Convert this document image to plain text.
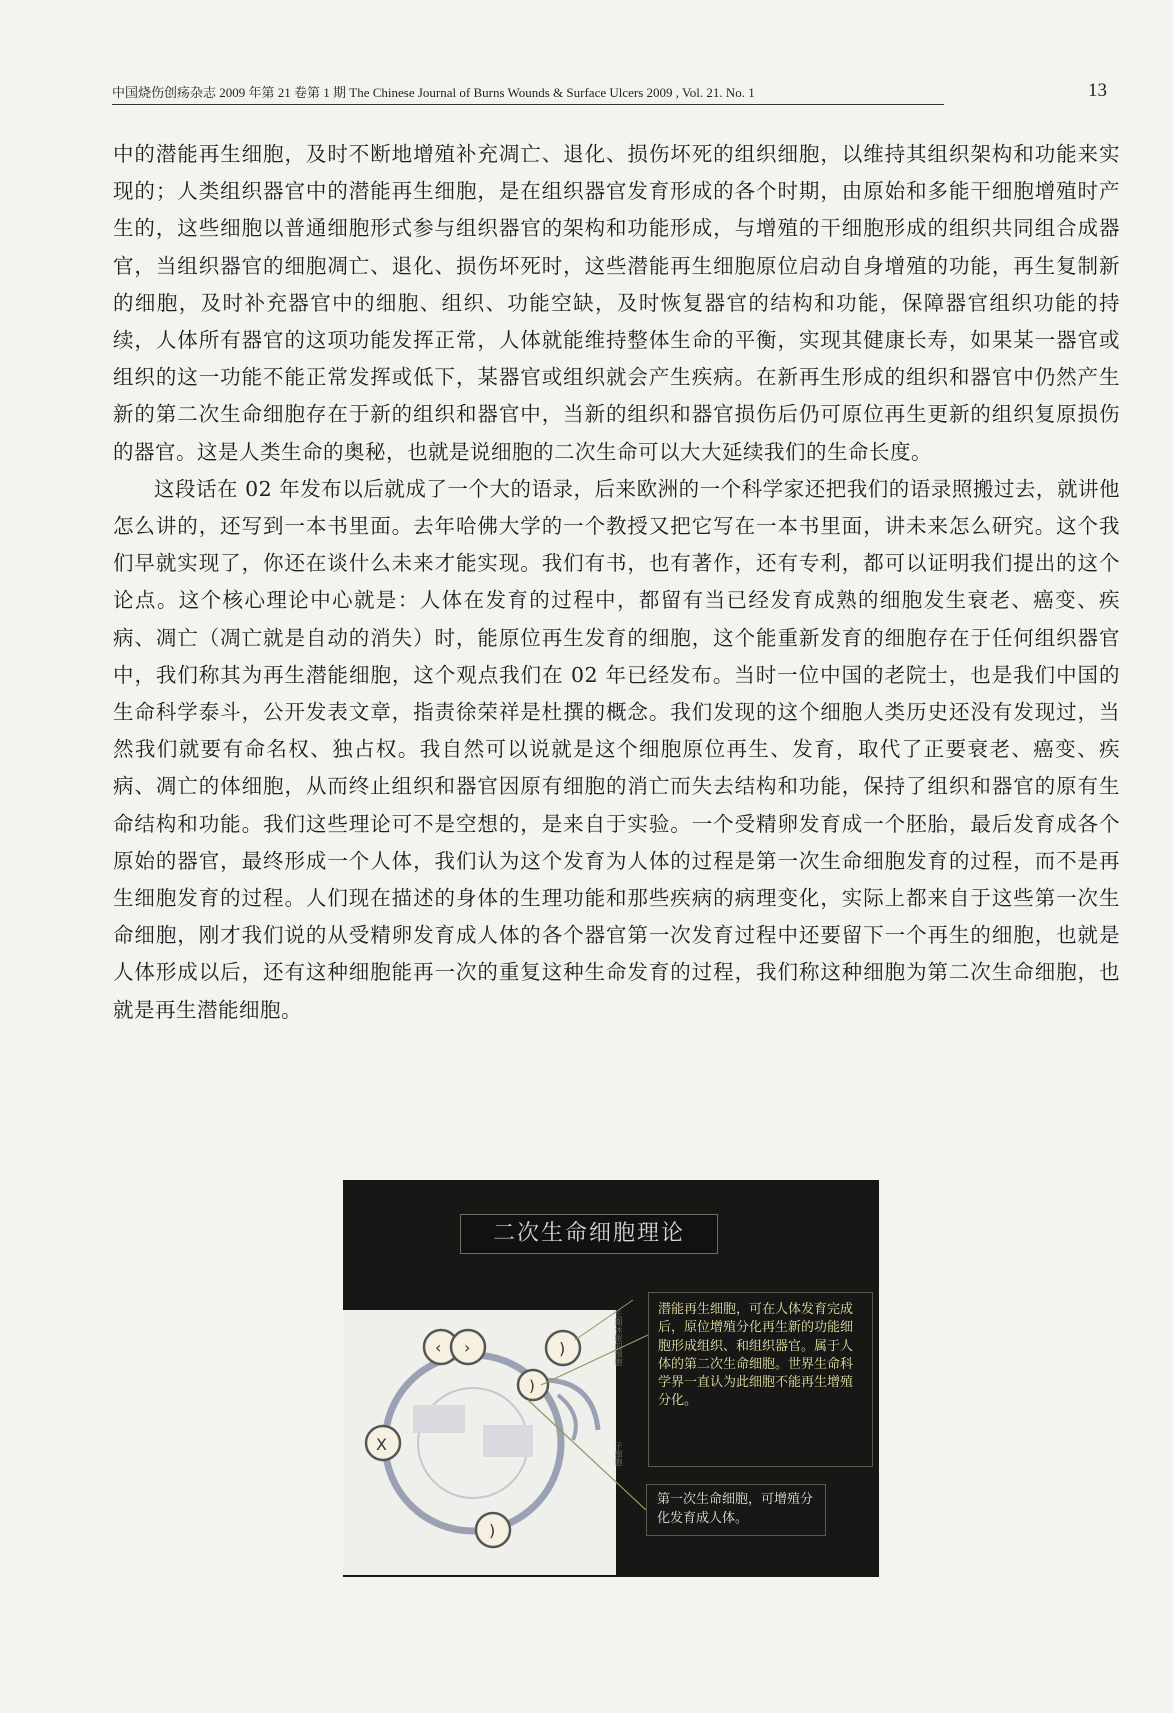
中国烧伤创疡杂志 2009 年第 21 卷第 1 期 The Chinese Journal of Burns Wounds & Surface Ulcers 2009 , Vol. 21. No. 1	13

中的潜能再生细胞，及时不断地增殖补充凋亡、退化、损伤坏死的组织细胞，以维持其组织架构和功能来实现的；人类组织器官中的潜能再生细胞，是在组织器官发育形成的各个时期，由原始和多能干细胞增殖时产生的，这些细胞以普通细胞形式参与组织器官的架构和功能形成，与增殖的干细胞形成的组织共同组合成器官，当组织器官的细胞凋亡、退化、损伤坏死时，这些潜能再生细胞原位启动自身增殖的功能，再生复制新的细胞，及时补充器官中的细胞、组织、功能空缺，及时恢复器官的结构和功能，保障器官组织功能的持续，人体所有器官的这项功能发挥正常，人体就能维持整体生命的平衡，实现其健康长寿，如果某一器官或组织的这一功能不能正常发挥或低下，某器官或组织就会产生疾病。在新再生形成的组织和器官中仍然产生新的第二次生命细胞存在于新的组织和器官中，当新的组织和器官损伤后仍可原位再生更新的组织复原损伤的器官。这是人类生命的奥秘，也就是说细胞的二次生命可以大大延续我们的生命长度。

这段话在 02 年发布以后就成了一个大的语录，后来欧洲的一个科学家还把我们的语录照搬过去，就讲他怎么讲的，还写到一本书里面。去年哈佛大学的一个教授又把它写在一本书里面，讲未来怎么研究。这个我们早就实现了，你还在谈什么未来才能实现。我们有书，也有著作，还有专利，都可以证明我们提出的这个论点。这个核心理论中心就是：人体在发育的过程中，都留有当已经发育成熟的细胞发生衰老、癌变、疾病、凋亡（凋亡就是自动的消失）时，能原位再生发育的细胞，这个能重新发育的细胞存在于任何组织器官中，我们称其为再生潜能细胞，这个观点我们在 02 年已经发布。当时一位中国的老院士，也是我们中国的生命科学泰斗，公开发表文章，指责徐荣祥是杜撰的概念。我们发现的这个细胞人类历史还没有发现过，当然我们就要有命名权、独占权。我自然可以说就是这个细胞原位再生、发育，取代了正要衰老、癌变、疾病、凋亡的体细胞，从而终止组织和器官因原有细胞的消亡而失去结构和功能，保持了组织和器官的原有生命结构和功能。我们这些理论可不是空想的，是来自于实验。一个受精卵发育成一个胚胎，最后发育成各个原始的器官，最终形成一个人体，我们认为这个发育为人体的过程是第一次生命细胞发育的过程，而不是再生细胞发育的过程。人们现在描述的身体的生理功能和那些疾病的病理变化，实际上都来自于这些第一次生命细胞，刚才我们说的从受精卵发育成人体的各个器官第一次发育过程中还要留下一个再生的细胞，也就是人体形成以后，还有这种细胞能再一次的重复这种生命发育的过程，我们称这种细胞为第二次生命细胞，也就是再生潜能细胞。

二次生命细胞理论
‹ ›	)
)
X
)
长期休眠的细胞
子细胞
潜能再生细胞，可在人体发育完成后，原位增殖分化再生新的功能细胞形成组织、和组织器官。属于人体的第二次生命细胞。世界生命科学界一直认为此细胞不能再生增殖分化。
第一次生命细胞，可增殖分化发育成人体。
